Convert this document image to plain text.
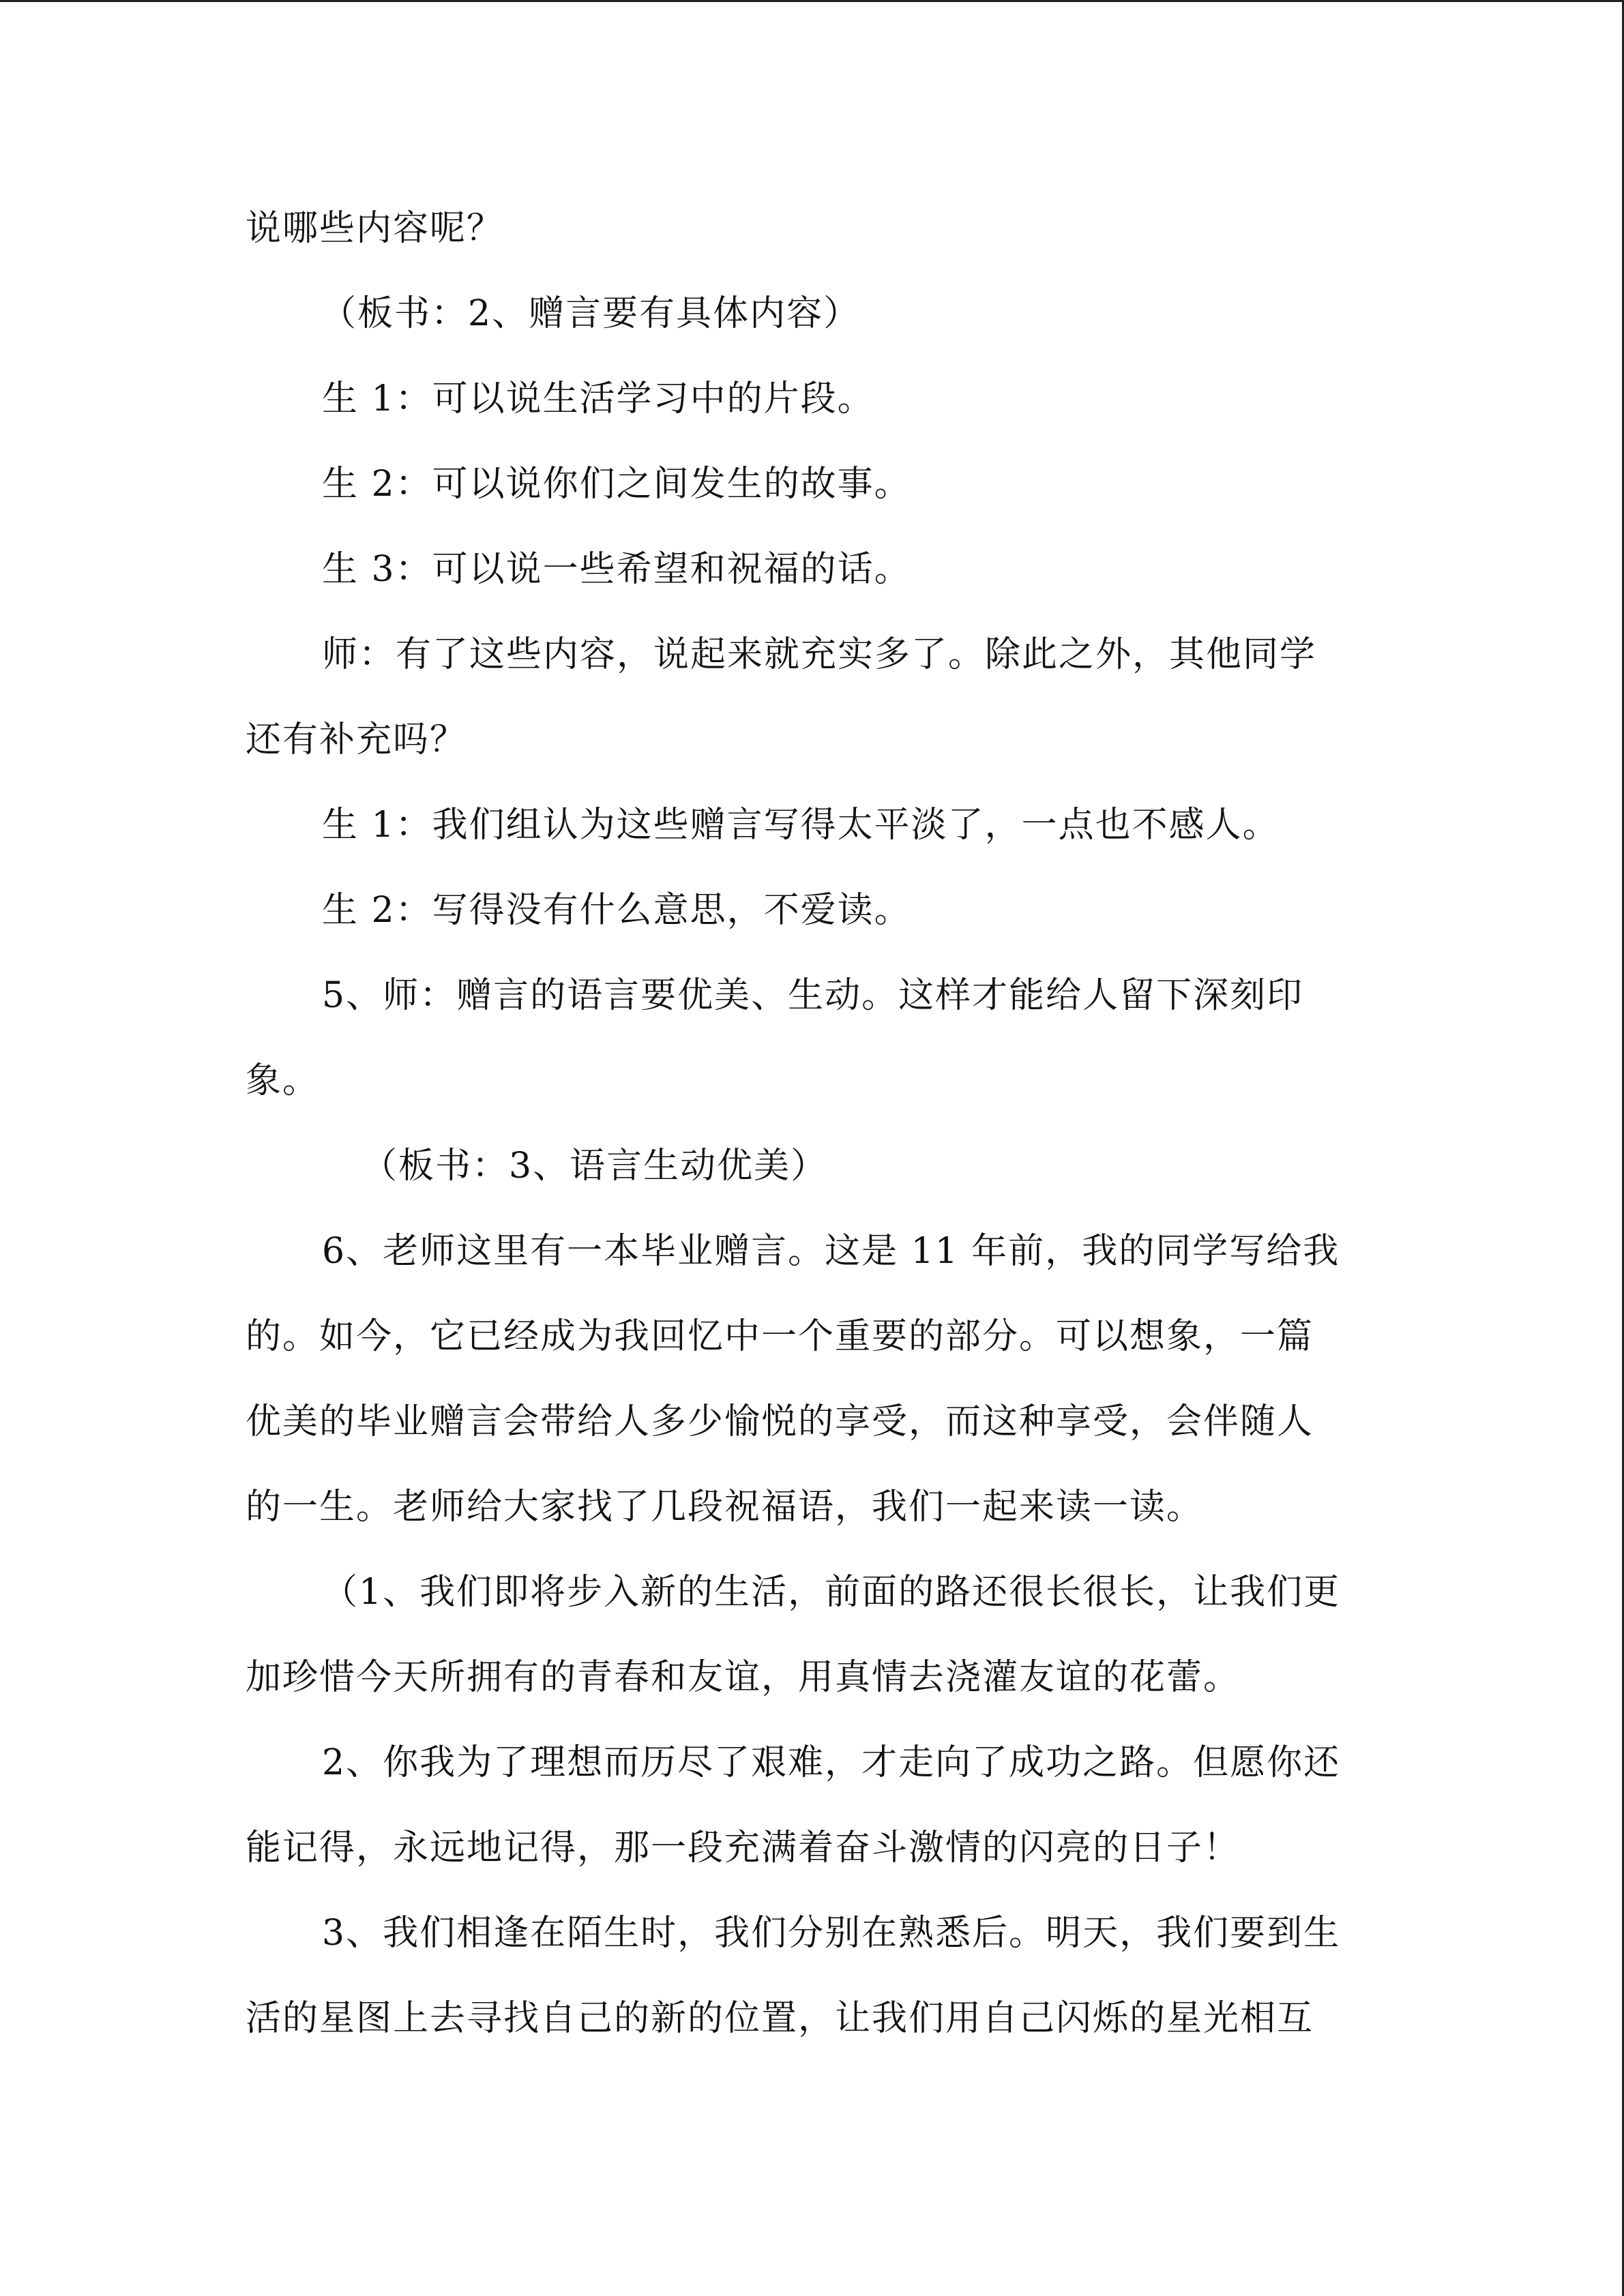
说哪些内容呢？
（板书：2、赠言要有具体内容）
生 1：可以说生活学习中的片段。
生 2：可以说你们之间发生的故事。
生 3：可以说一些希望和祝福的话。
师：有了这些内容，说起来就充实多了。除此之外，其他同学
还有补充吗？
生 1：我们组认为这些赠言写得太平淡了，一点也不感人。
生 2：写得没有什么意思，不爱读。
5、师：赠言的语言要优美、生动。这样才能给人留下深刻印
象。
（板书：3、语言生动优美）
6、老师这里有一本毕业赠言。这是 11 年前，我的同学写给我
的。如今，它已经成为我回忆中一个重要的部分。可以想象，一篇
优美的毕业赠言会带给人多少愉悦的享受，而这种享受，会伴随人
的一生。老师给大家找了几段祝福语，我们一起来读一读。
（1、我们即将步入新的生活，前面的路还很长很长，让我们更
加珍惜今天所拥有的青春和友谊，用真情去浇灌友谊的花蕾。
2、你我为了理想而历尽了艰难，才走向了成功之路。但愿你还
能记得，永远地记得，那一段充满着奋斗激情的闪亮的日子！
3、我们相逢在陌生时，我们分别在熟悉后。明天，我们要到生
活的星图上去寻找自己的新的位置，让我们用自己闪烁的星光相互
